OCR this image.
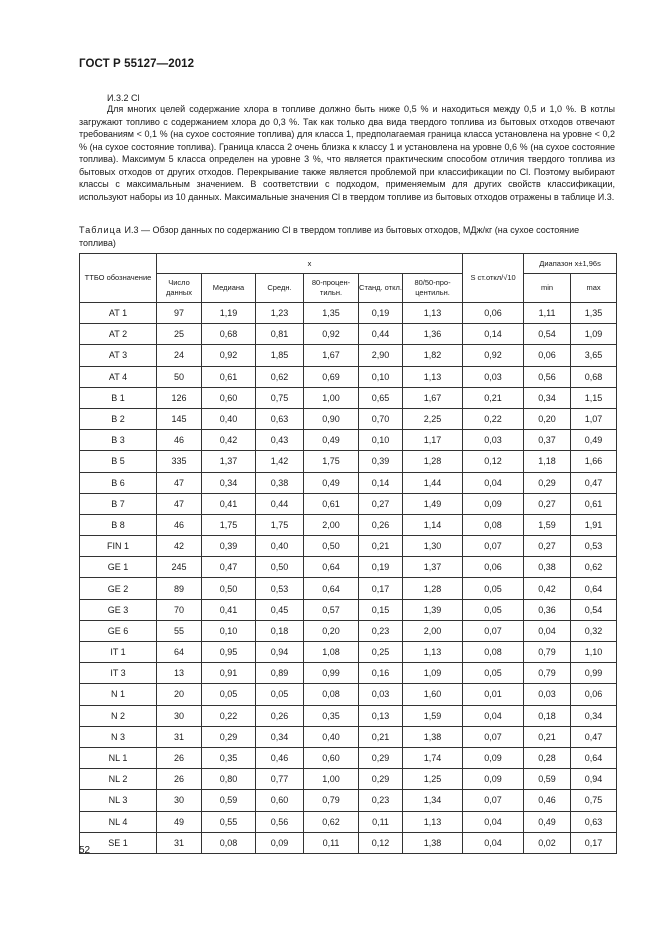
ГОСТ Р 55127—2012
И.3.2 Cl

Для многих целей содержание хлора в топливе должно быть ниже 0,5 % и находиться между 0,5 и 1,0 %. В котлы загружают топливо с содержанием хлора до 0,3 %. Так как только два вида твердого топлива из бытовых отходов отвечают требованиям < 0,1 % (на сухое состояние топлива) для класса 1, предполагаемая граница класса установлена на уровне < 0,2 % (на сухое состояние топлива). Граница класса 2 очень близка к классу 1 и установлена на уровне 0,6 % (на сухое состояние топлива). Максимум 5 класса определен на уровне 3 %, что является практическим способом отличия твердого топлива из бытовых отходов от других отходов. Перекрывание также является проблемой при классификации по Cl. Поэтому выбирают классы с максимальным значением. В соответствии с подходом, применяемым для других свойств классификации, используют наборы из 10 данных. Максимальные значения Cl в твердом топливе из бытовых отходов отражены в таблице И.3.

Таблица И.3 — Обзор данных по содержанию Cl в твердом топливе из бытовых отходов, МДж/кг (на сухое состояние топлива)
ТТБО обозначение	x						S ст.откл/√10	Диапазон x±1,96s	
	Число данных	Медиана	Средн.	80-процен-тильн.	Станд. откл.	80/50-про-центильн.		min	max
AT 1	97	1,19	1,23	1,35	0,19	1,13	0,06	1,11	1,35
AT 2	25	0,68	0,81	0,92	0,44	1,36	0,14	0,54	1,09
AT 3	24	0,92	1,85	1,67	2,90	1,82	0,92	0,06	3,65
AT 4	50	0,61	0,62	0,69	0,10	1,13	0,03	0,56	0,68
B 1	126	0,60	0,75	1,00	0,65	1,67	0,21	0,34	1,15
B 2	145	0,40	0,63	0,90	0,70	2,25	0,22	0,20	1,07
B 3	46	0,42	0,43	0,49	0,10	1,17	0,03	0,37	0,49
B 5	335	1,37	1,42	1,75	0,39	1,28	0,12	1,18	1,66
B 6	47	0,34	0,38	0,49	0,14	1,44	0,04	0,29	0,47
B 7	47	0,41	0,44	0,61	0,27	1,49	0,09	0,27	0,61
B 8	46	1,75	1,75	2,00	0,26	1,14	0,08	1,59	1,91
FIN 1	42	0,39	0,40	0,50	0,21	1,30	0,07	0,27	0,53
GE 1	245	0,47	0,50	0,64	0,19	1,37	0,06	0,38	0,62
GE 2	89	0,50	0,53	0,64	0,17	1,28	0,05	0,42	0,64
GE 3	70	0,41	0,45	0,57	0,15	1,39	0,05	0,36	0,54
GE 6	55	0,10	0,18	0,20	0,23	2,00	0,07	0,04	0,32
IT 1	64	0,95	0,94	1,08	0,25	1,13	0,08	0,79	1,10
IT 3	13	0,91	0,89	0,99	0,16	1,09	0,05	0,79	0,99
N 1	20	0,05	0,05	0,08	0,03	1,60	0,01	0,03	0,06
N 2	30	0,22	0,26	0,35	0,13	1,59	0,04	0,18	0,34
N 3	31	0,29	0,34	0,40	0,21	1,38	0,07	0,21	0,47
NL 1	26	0,35	0,46	0,60	0,29	1,74	0,09	0,28	0,64
NL 2	26	0,80	0,77	1,00	0,29	1,25	0,09	0,59	0,94
NL 3	30	0,59	0,60	0,79	0,23	1,34	0,07	0,46	0,75
NL 4	49	0,55	0,56	0,62	0,11	1,13	0,04	0,49	0,63
SE 1	31	0,08	0,09	0,11	0,12	1,38	0,04	0,02	0,17
52
